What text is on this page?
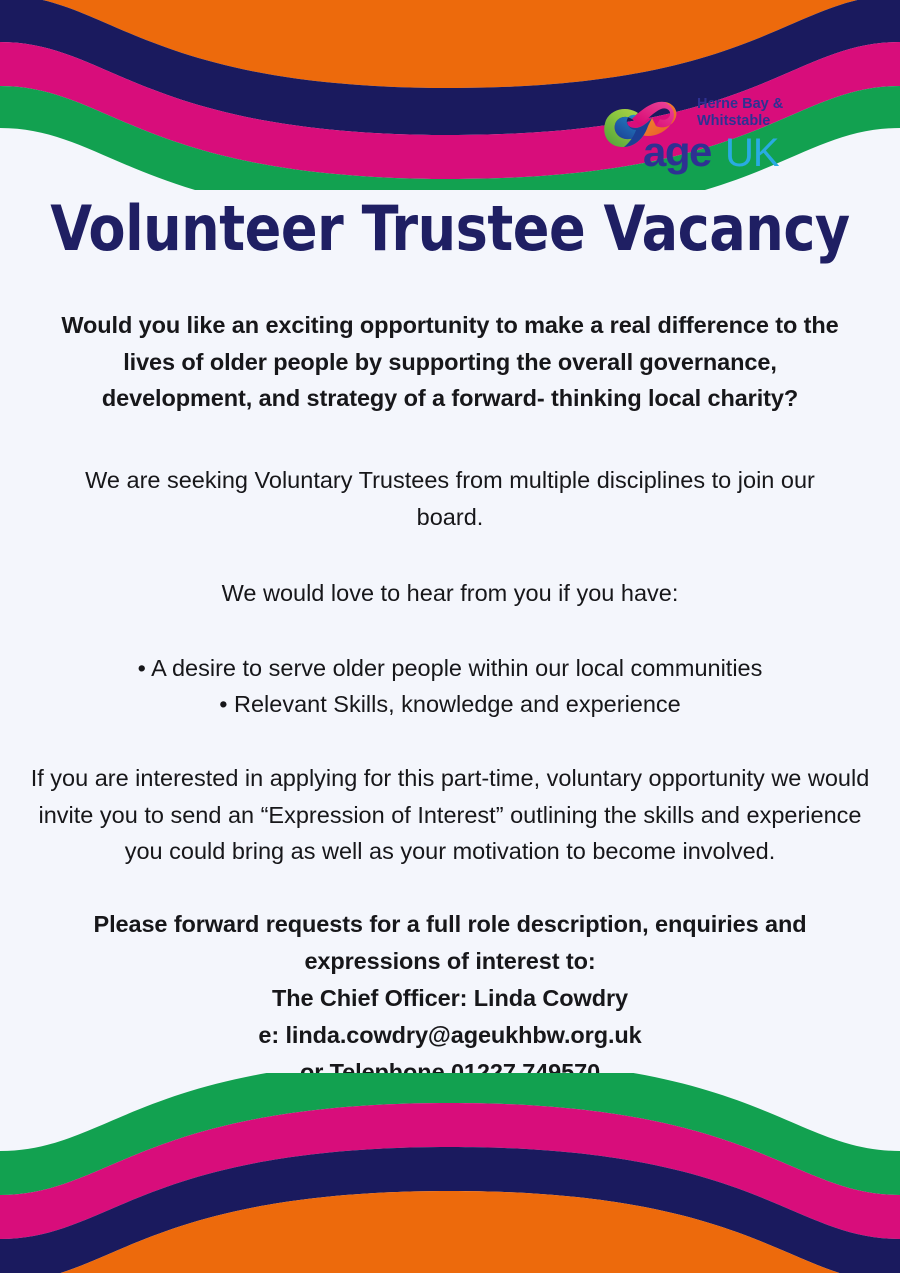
Herne Bay &
Whitstable
age UK
Volunteer Trustee Vacancy

Would you like an exciting opportunity to make a real difference to the lives of older people by supporting the overall governance, development, and strategy of a forward- thinking local charity?

We are seeking Voluntary Trustees from multiple disciplines to join our board.

We would love to hear from you if you have:

• A desire to serve older people within our local communities
• Relevant Skills, knowledge and experience

If you are interested in applying for this part-time, voluntary opportunity we would invite you to send an “Expression of Interest” outlining the skills and experience you could bring as well as your motivation to become involved.

Please forward requests for a full role description, enquiries and expressions of interest to:
The Chief Officer: Linda Cowdry
e: linda.cowdry@ageukhbw.org.uk
